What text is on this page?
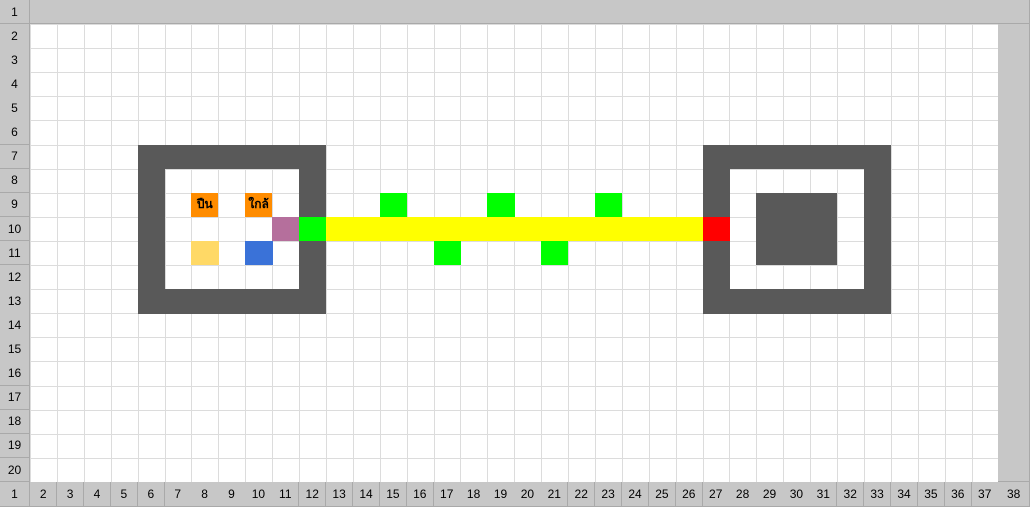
ปืน	ใกล้
1
2
3
4
5
6
7
8
9
10
11
12
13
14
15
16
17
18
19
20
1	2	3	4	5	6	7	8	9	10	11	12	13	14	15	16	17	18	19	20	21	22	23	24	25	26	27	28	29	30	31	32	33	34	35	36	37	38
